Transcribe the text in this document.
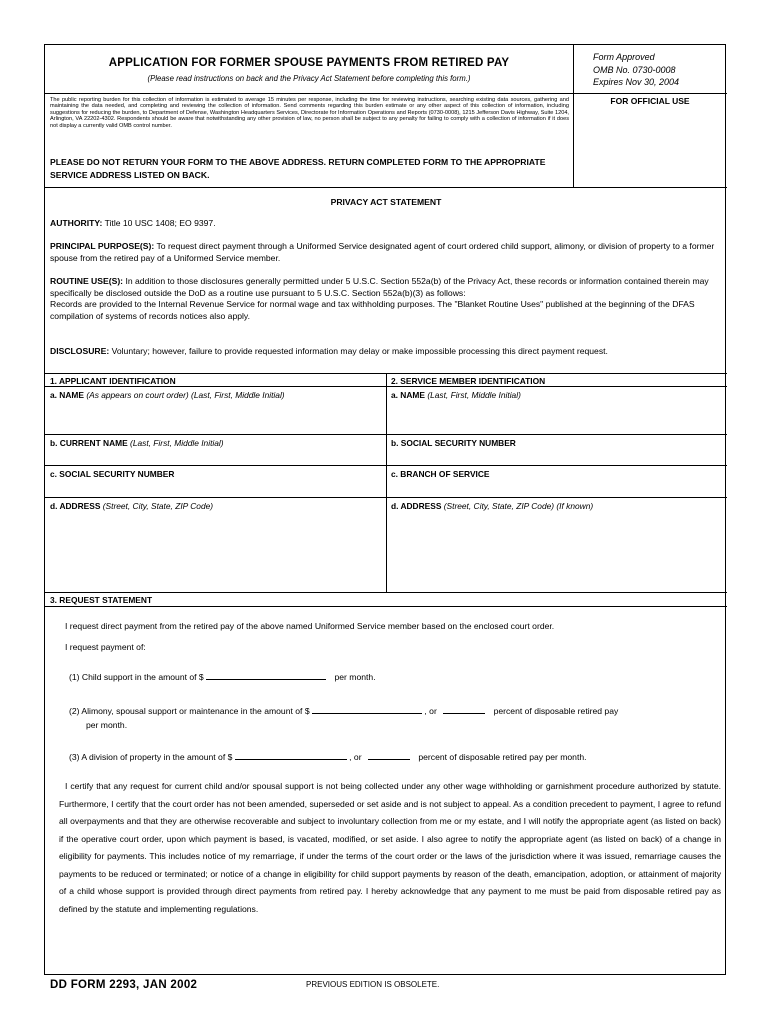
APPLICATION FOR FORMER SPOUSE PAYMENTS FROM RETIRED PAY
(Please read instructions on back and the Privacy Act Statement before completing this form.)
Form Approved
OMB No. 0730-0008
Expires Nov 30, 2004
FOR OFFICIAL USE
The public reporting burden for this collection of information is estimated to average 15 minutes per response, including the time for reviewing instructions, searching existing data sources, gathering and maintaining the data needed, and completing and reviewing the collection of information. Send comments regarding this burden estimate or any other aspect of this collection of information, including suggestions for reducing the burden, to Department of Defense, Washington Headquarters Services, Directorate for Information Operations and Reports (0730-0008), 1215 Jefferson Davis Highway, Suite 1204, Arlington, VA 22202-4302. Respondents should be aware that notwithstanding any other provision of law, no person shall be subject to any penalty for failing to comply with a collection of information if it does not display a currently valid OMB control number.
PLEASE DO NOT RETURN YOUR FORM TO THE ABOVE ADDRESS. RETURN COMPLETED FORM TO THE APPROPRIATE SERVICE ADDRESS LISTED ON BACK.
PRIVACY ACT STATEMENT
AUTHORITY: Title 10 USC 1408; EO 9397.
PRINCIPAL PURPOSE(S): To request direct payment through a Uniformed Service designated agent of court ordered child support, alimony, or division of property to a former spouse from the retired pay of a Uniformed Service member.
ROUTINE USE(S): In addition to those disclosures generally permitted under 5 U.S.C. Section 552a(b) of the Privacy Act, these records or information contained therein may specifically be disclosed outside the DoD as a routine use pursuant to 5 U.S.C. Section 552a(b)(3) as follows:
Records are provided to the Internal Revenue Service for normal wage and tax withholding purposes. The "Blanket Routine Uses" published at the beginning of the DFAS compilation of systems of records notices also apply.
DISCLOSURE: Voluntary; however, failure to provide requested information may delay or make impossible processing this direct payment request.
1. APPLICANT IDENTIFICATION	2. SERVICE MEMBER IDENTIFICATION
a. NAME (As appears on court order) (Last, First, Middle Initial)	a. NAME (Last, First, Middle Initial)
b. CURRENT NAME (Last, First, Middle Initial)	b. SOCIAL SECURITY NUMBER
c. SOCIAL SECURITY NUMBER	c. BRANCH OF SERVICE
d. ADDRESS (Street, City, State, ZIP Code)	d. ADDRESS (Street, City, State, ZIP Code) (If known)
3. REQUEST STATEMENT
I request direct payment from the retired pay of the above named Uniformed Service member based on the enclosed court order.
I request payment of:
(1) Child support in the amount of $	per month.
(2) Alimony, spousal support or maintenance in the amount of $	, or	percent of disposable retired pay
per month.
(3) A division of property in the amount of $	, or	percent of disposable retired pay per month.
I certify that any request for current child and/or spousal support is not being collected under any other wage withholding or garnishment procedure authorized by statute. Furthermore, I certify that the court order has not been amended, superseded or set aside and is not subject to appeal. As a condition precedent to payment, I agree to refund all overpayments and that they are otherwise recoverable and subject to involuntary collection from me or my estate, and I will notify the appropriate agent (as listed on back) if the operative court order, upon which payment is based, is vacated, modified, or set aside. I also agree to notify the appropriate agent (as listed on back) of a change in eligibility for payments. This includes notice of my remarriage, if under the terms of the court order or the laws of the jurisdiction where it was issued, remarriage causes the payments to be reduced or terminated; or notice of a change in eligibility for child support payments by reason of the death, emancipation, adoption, or attainment of majority of a child whose support is provided through direct payments from retired pay. I hereby acknowledge that any payment to me must be paid from disposable retired pay as defined by the statute and implementing regulations.
DD FORM 2293, JAN 2002	PREVIOUS EDITION IS OBSOLETE.
